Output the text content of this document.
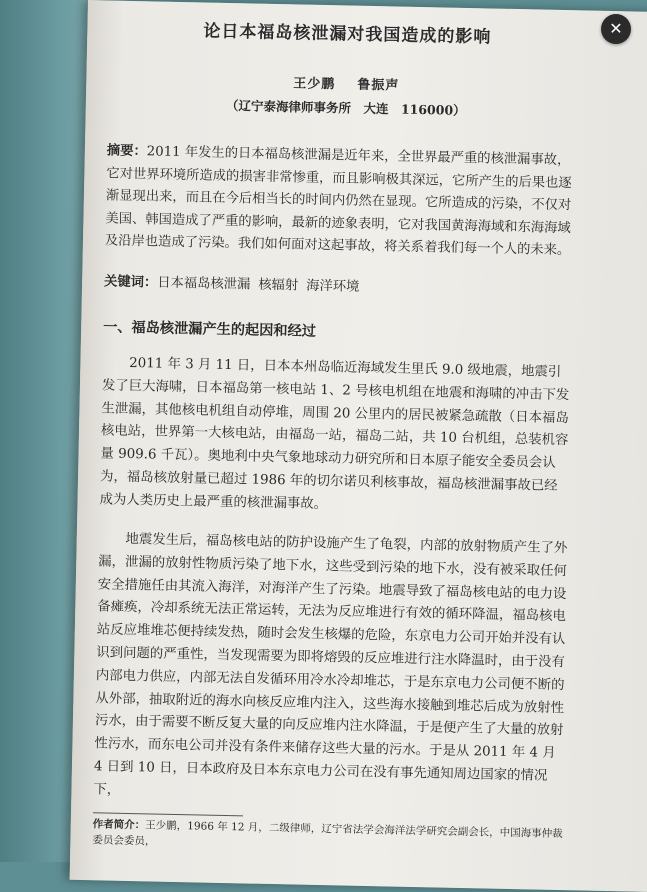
论日本福岛核泄漏对我国造成的影响
王少鹏 鲁振声
（辽宁泰海律师事务所　大连　116000）
摘要：2011 年发生的日本福岛核泄漏是近年来，全世界最严重的核泄漏事故，它对世界环境所造成的损害非常惨重，而且影响极其深远，它所产生的后果也逐渐显现出来，而且在今后相当长的时间内仍然在显现。它所造成的污染，不仅对美国、韩国造成了严重的影响，最新的迹象表明，它对我国黄海海域和东海海域及沿岸也造成了污染。我们如何面对这起事故，将关系着我们每一个人的未来。
关键词：日本福岛核泄漏 核辐射 海洋环境
一、福岛核泄漏产生的起因和经过
2011 年 3 月 11 日，日本本州岛临近海域发生里氏 9.0 级地震，地震引发了巨大海啸，日本福岛第一核电站 1、2 号核电机组在地震和海啸的冲击下发生泄漏，其他核电机组自动停堆，周围 20 公里内的居民被紧急疏散（日本福岛核电站，世界第一大核电站，由福岛一站，福岛二站，共 10 台机组，总装机容量 909.6 千瓦）。奥地利中央气象地球动力研究所和日本原子能安全委员会认为，福岛核放射量已超过 1986 年的切尔诺贝利核事故，福岛核泄漏事故已经成为人类历史上最严重的核泄漏事故。
地震发生后，福岛核电站的防护设施产生了龟裂，内部的放射物质产生了外漏，泄漏的放射性物质污染了地下水，这些受到污染的地下水，没有被采取任何安全措施任由其流入海洋，对海洋产生了污染。地震导致了福岛核电站的电力设备瘫痪，冷却系统无法正常运转，无法为反应堆进行有效的循环降温，福岛核电站反应堆堆芯便持续发热，随时会发生核爆的危险，东京电力公司开始并没有认识到问题的严重性，当发现需要为即将熔毁的反应堆进行注水降温时，由于没有内部电力供应，内部无法自发循环用冷水冷却堆芯，于是东京电力公司便不断的从外部，抽取附近的海水向核反应堆内注入，这些海水接触到堆芯后成为放射性污水，由于需要不断反复大量的向反应堆内注水降温，于是便产生了大量的放射性污水，而东电公司并没有条件来储存这些大量的污水。于是从 2011 年 4 月 4 日到 10 日，日本政府及日本东京电力公司在没有事先通知周边国家的情况下，
作者简介：王少鹏，1966 年 12 月，二级律师，辽宁省法学会海洋法学研究会副会长，中国海事仲裁委员会委员，
✕
